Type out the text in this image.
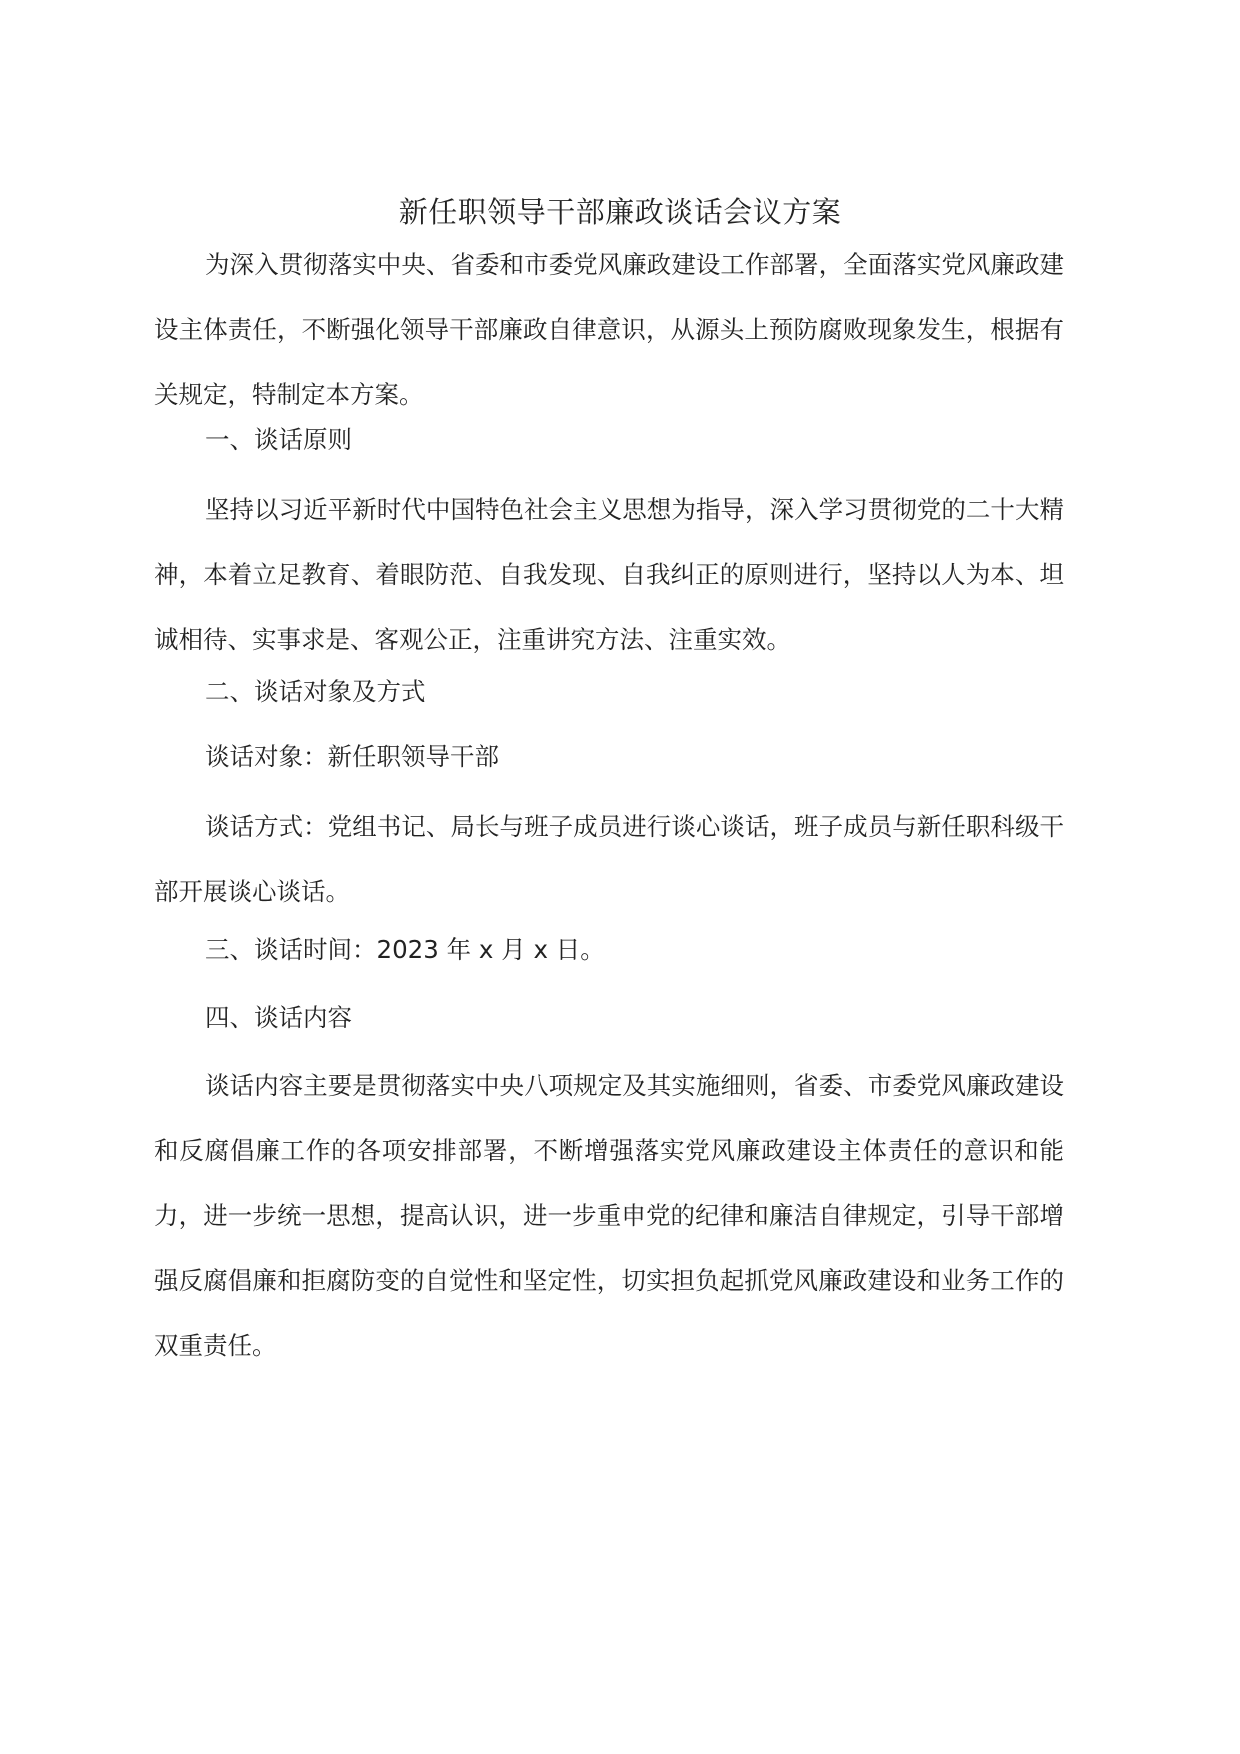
新任职领导干部廉政谈话会议方案

为深入贯彻落实中央、省委和市委党风廉政建设工作部署，全面落实党风廉政建设主体责任，不断强化领导干部廉政自律意识，从源头上预防腐败现象发生，根据有关规定，特制定本方案。

一、谈话原则

坚持以习近平新时代中国特色社会主义思想为指导，深入学习贯彻党的二十大精神，本着立足教育、着眼防范、自我发现、自我纠正的原则进行，坚持以人为本、坦诚相待、实事求是、客观公正，注重讲究方法、注重实效。

二、谈话对象及方式

谈话对象：新任职领导干部

谈话方式：党组书记、局长与班子成员进行谈心谈话，班子成员与新任职科级干部开展谈心谈话。

三、谈话时间：2023 年 x 月 x 日。

四、谈话内容

谈话内容主要是贯彻落实中央八项规定及其实施细则，省委、市委党风廉政建设和反腐倡廉工作的各项安排部署，不断增强落实党风廉政建设主体责任的意识和能力，进一步统一思想，提高认识，进一步重申党的纪律和廉洁自律规定，引导干部增强反腐倡廉和拒腐防变的自觉性和坚定性，切实担负起抓党风廉政建设和业务工作的双重责任。
